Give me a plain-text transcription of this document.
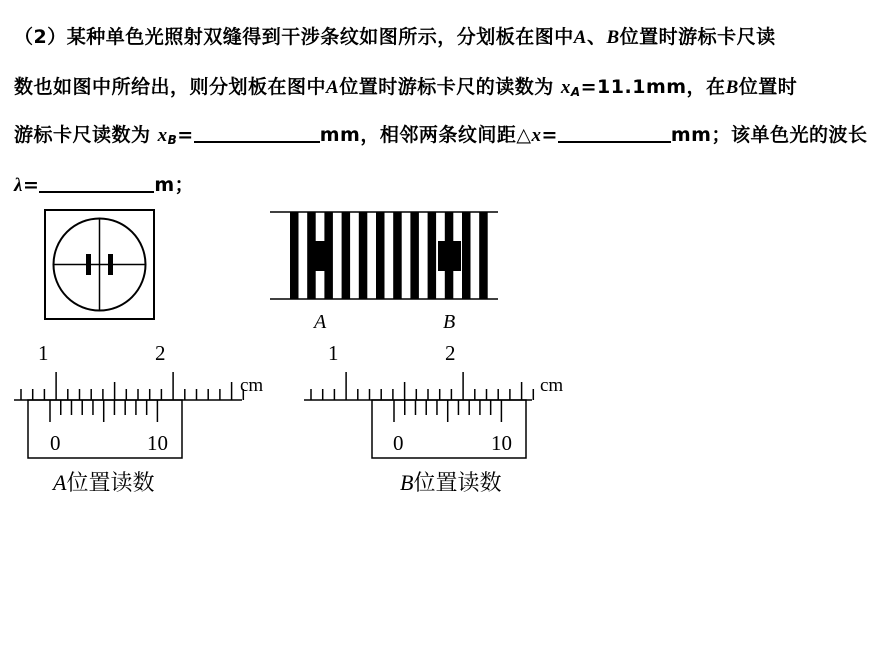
（2）某种单色光照射双缝得到干涉条纹如图所示，分划板在图中A、B位置时游标卡尺读
数也如图中所给出，则分划板在图中A位置时游标卡尺的读数为 $x_A=11.1mm$，在B位置时
游标卡尺读数为 $x_B=$	mm，相邻两条纹间距△x=	mm；该单色光的波长
λ=	m；
A	B
1	2
cm
0	10
A位置读数
1	2
cm
0	10
B位置读数
